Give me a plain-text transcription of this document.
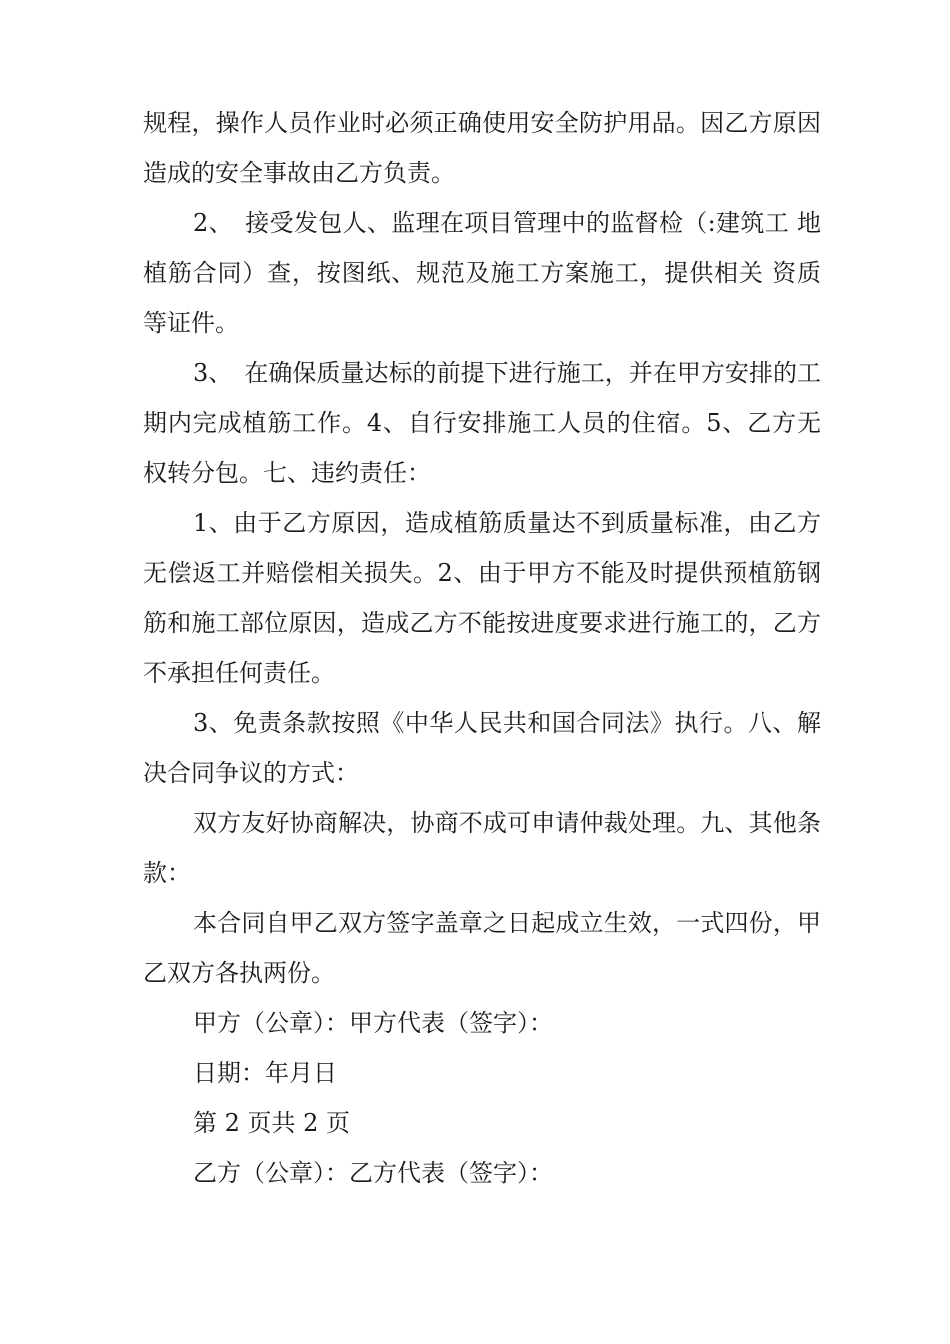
规程，操作人员作业时必须正确使用安全防护用品。因乙方原因造成的安全事故由乙方负责。

2、　接受发包人、监理在项目管理中的监督检（:建筑工 地植筋合同）查，按图纸、规范及施工方案施工，提供相关 资质等证件。

3、　在确保质量达标的前提下进行施工，并在甲方安排的工期内完成植筋工作。4、自行安排施工人员的住宿。5、乙方无权转分包。七、违约责任：

1、由于乙方原因，造成植筋质量达不到质量标准，由乙方无偿返工并赔偿相关损失。2、由于甲方不能及时提供预植筋钢筋和施工部位原因，造成乙方不能按进度要求进行施工的，乙方不承担任何责任。

3、免责条款按照《中华人民共和国合同法》执行。八、解决合同争议的方式：

双方友好协商解决，协商不成可申请仲裁处理。九、其他条款：

本合同自甲乙双方签字盖章之日起成立生效，一式四份，甲乙双方各执两份。

甲方（公章）：甲方代表（签字）：

日期：年月日

第 2 页共 2 页

乙方（公章）：乙方代表（签字）：
